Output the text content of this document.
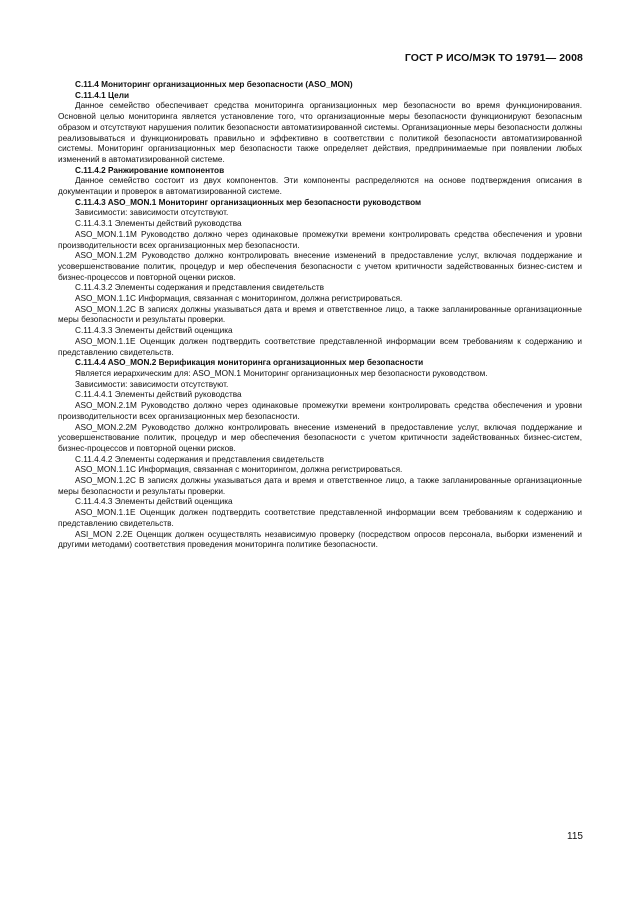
ГОСТ Р ИСО/МЭК ТО 19791— 2008

C.11.4 Мониторинг организационных мер безопасности (ASO_MON)

C.11.4.1 Цели

Данное семейство обеспечивает средства мониторинга организационных мер безопасности во время функционирования. Основной целью мониторинга является установление того, что организационные меры безопасности функционируют безопасным образом и отсутствуют нарушения политик безопасности автоматизированной системы. Организационные меры безопасности должны реализовываться и функционировать правильно и эффективно в соответствии с политикой безопасности автоматизированной системы. Мониторинг организационных мер безопасности также определяет действия, предпринимаемые при появлении любых изменений в автоматизированной системе.

C.11.4.2 Ранжирование компонентов

Данное семейство состоит из двух компонентов. Эти компоненты распределяются на основе подтверждения описания в документации и проверок в автоматизированной системе.

C.11.4.3 ASO_MON.1 Мониторинг организационных мер безопасности руководством

Зависимости: зависимости отсутствуют.

C.11.4.3.1 Элементы действий руководства

ASO_MON.1.1M Руководство должно через одинаковые промежутки времени контролировать средства обеспечения и уровни производительности всех организационных мер безопасности.

ASO_MON.1.2M Руководство должно контролировать внесение изменений в предоставление услуг, включая поддержание и усовершенствование политик, процедур и мер обеспечения безопасности с учетом критичности задействованных бизнес-систем и бизнес-процессов и повторной оценки рисков.

C.11.4.3.2 Элементы содержания и представления свидетельств

ASO_MON.1.1C Информация, связанная с мониторингом, должна регистрироваться.

ASO_MON.1.2C В записях должны указываться дата и время и ответственное лицо, а также запланированные организационные меры безопасности и результаты проверки.

C.11.4.3.3 Элементы действий оценщика

ASO_MON.1.1E Оценщик должен подтвердить соответствие представленной информации всем требованиям к содержанию и представлению свидетельств.

C.11.4.4 ASO_MON.2 Верификация мониторинга организационных мер безопасности

Является иерархическим для: ASO_MON.1 Мониторинг организационных мер безопасности руководством.

Зависимости: зависимости отсутствуют.

C.11.4.4.1 Элементы действий руководства

ASO_MON.2.1M Руководство должно через одинаковые промежутки времени контролировать средства обеспечения и уровни производительности всех организационных мер безопасности.

ASO_MON.2.2M Руководство должно контролировать внесение изменений в предоставление услуг, включая поддержание и усовершенствование политик, процедур и мер обеспечения безопасности с учетом критичности задействованных бизнес-систем, бизнес-процессов и повторной оценки рисков.

C.11.4.4.2 Элементы содержания и представления свидетельств

ASO_MON.1.1C Информация, связанная с мониторингом, должна регистрироваться.

ASO_MON.1.2C В записях должны указываться дата и время и ответственное лицо, а также запланированные организационные меры безопасности и результаты проверки.

C.11.4.4.3 Элементы действий оценщика

ASO_MON.1.1E Оценщик должен подтвердить соответствие представленной информации всем требованиям к содержанию и представлению свидетельств.

ASI_MON 2.2E Оценщик должен осуществлять независимую проверку (посредством опросов персонала, выборки изменений и другими методами) соответствия проведения мониторинга политике безопасности.

115
